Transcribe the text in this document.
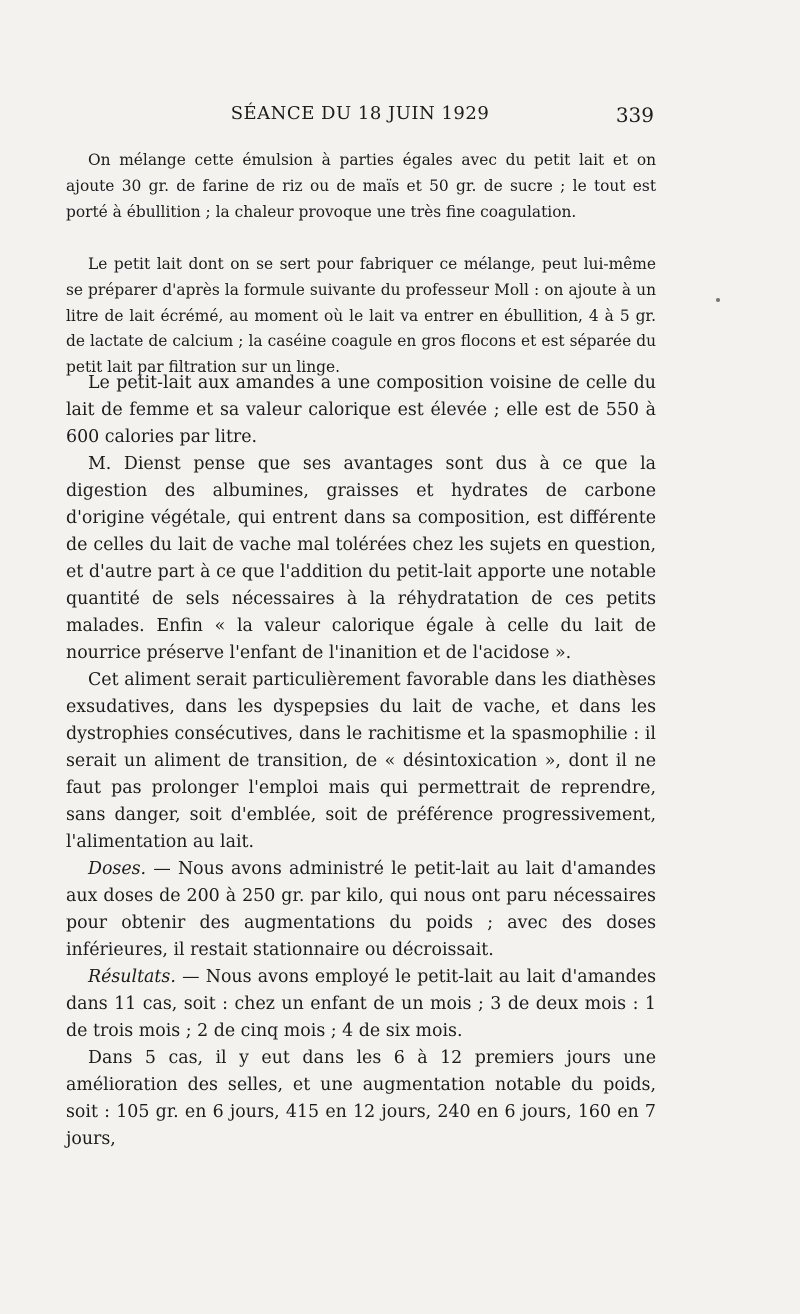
SÉANCE DU 18 JUIN 1929	339

On mélange cette émulsion à parties égales avec du petit lait et on ajoute 30 gr. de farine de riz ou de maïs et 50 gr. de sucre ; le tout est porté à ébullition ; la chaleur provoque une très fine coagulation.

Le petit lait dont on se sert pour fabriquer ce mélange, peut lui-même se préparer d'après la formule suivante du professeur Moll : on ajoute à un litre de lait écrémé, au moment où le lait va entrer en ébullition, 4 à 5 gr. de lactate de calcium ; la caséine coagule en gros flocons et est séparée du petit lait par filtration sur un linge.

Le petit-lait aux amandes a une composition voisine de celle du lait de femme et sa valeur calorique est élevée ; elle est de 550 à 600 calories par litre.

M. Dienst pense que ses avantages sont dus à ce que la digestion des albumines, graisses et hydrates de carbone d'origine végétale, qui entrent dans sa composition, est différente de celles du lait de vache mal tolérées chez les sujets en question, et d'autre part à ce que l'addition du petit-lait apporte une notable quantité de sels nécessaires à la réhydratation de ces petits malades. Enfin « la valeur calorique égale à celle du lait de nourrice préserve l'enfant de l'inanition et de l'acidose ».

Cet aliment serait particulièrement favorable dans les diathèses exsudatives, dans les dyspepsies du lait de vache, et dans les dystrophies consécutives, dans le rachitisme et la spasmophilie : il serait un aliment de transition, de « désintoxication », dont il ne faut pas prolonger l'emploi mais qui permettrait de reprendre, sans danger, soit d'emblée, soit de préférence progressivement, l'alimentation au lait.

Doses. — Nous avons administré le petit-lait au lait d'amandes aux doses de 200 à 250 gr. par kilo, qui nous ont paru nécessaires pour obtenir des augmentations du poids ; avec des doses inférieures, il restait stationnaire ou décroissait.

Résultats. — Nous avons employé le petit-lait au lait d'amandes dans 11 cas, soit : chez un enfant de un mois ; 3 de deux mois : 1 de trois mois ; 2 de cinq mois ; 4 de six mois.

Dans 5 cas, il y eut dans les 6 à 12 premiers jours une amélioration des selles, et une augmentation notable du poids, soit : 105 gr. en 6 jours, 415 en 12 jours, 240 en 6 jours, 160 en 7 jours,
